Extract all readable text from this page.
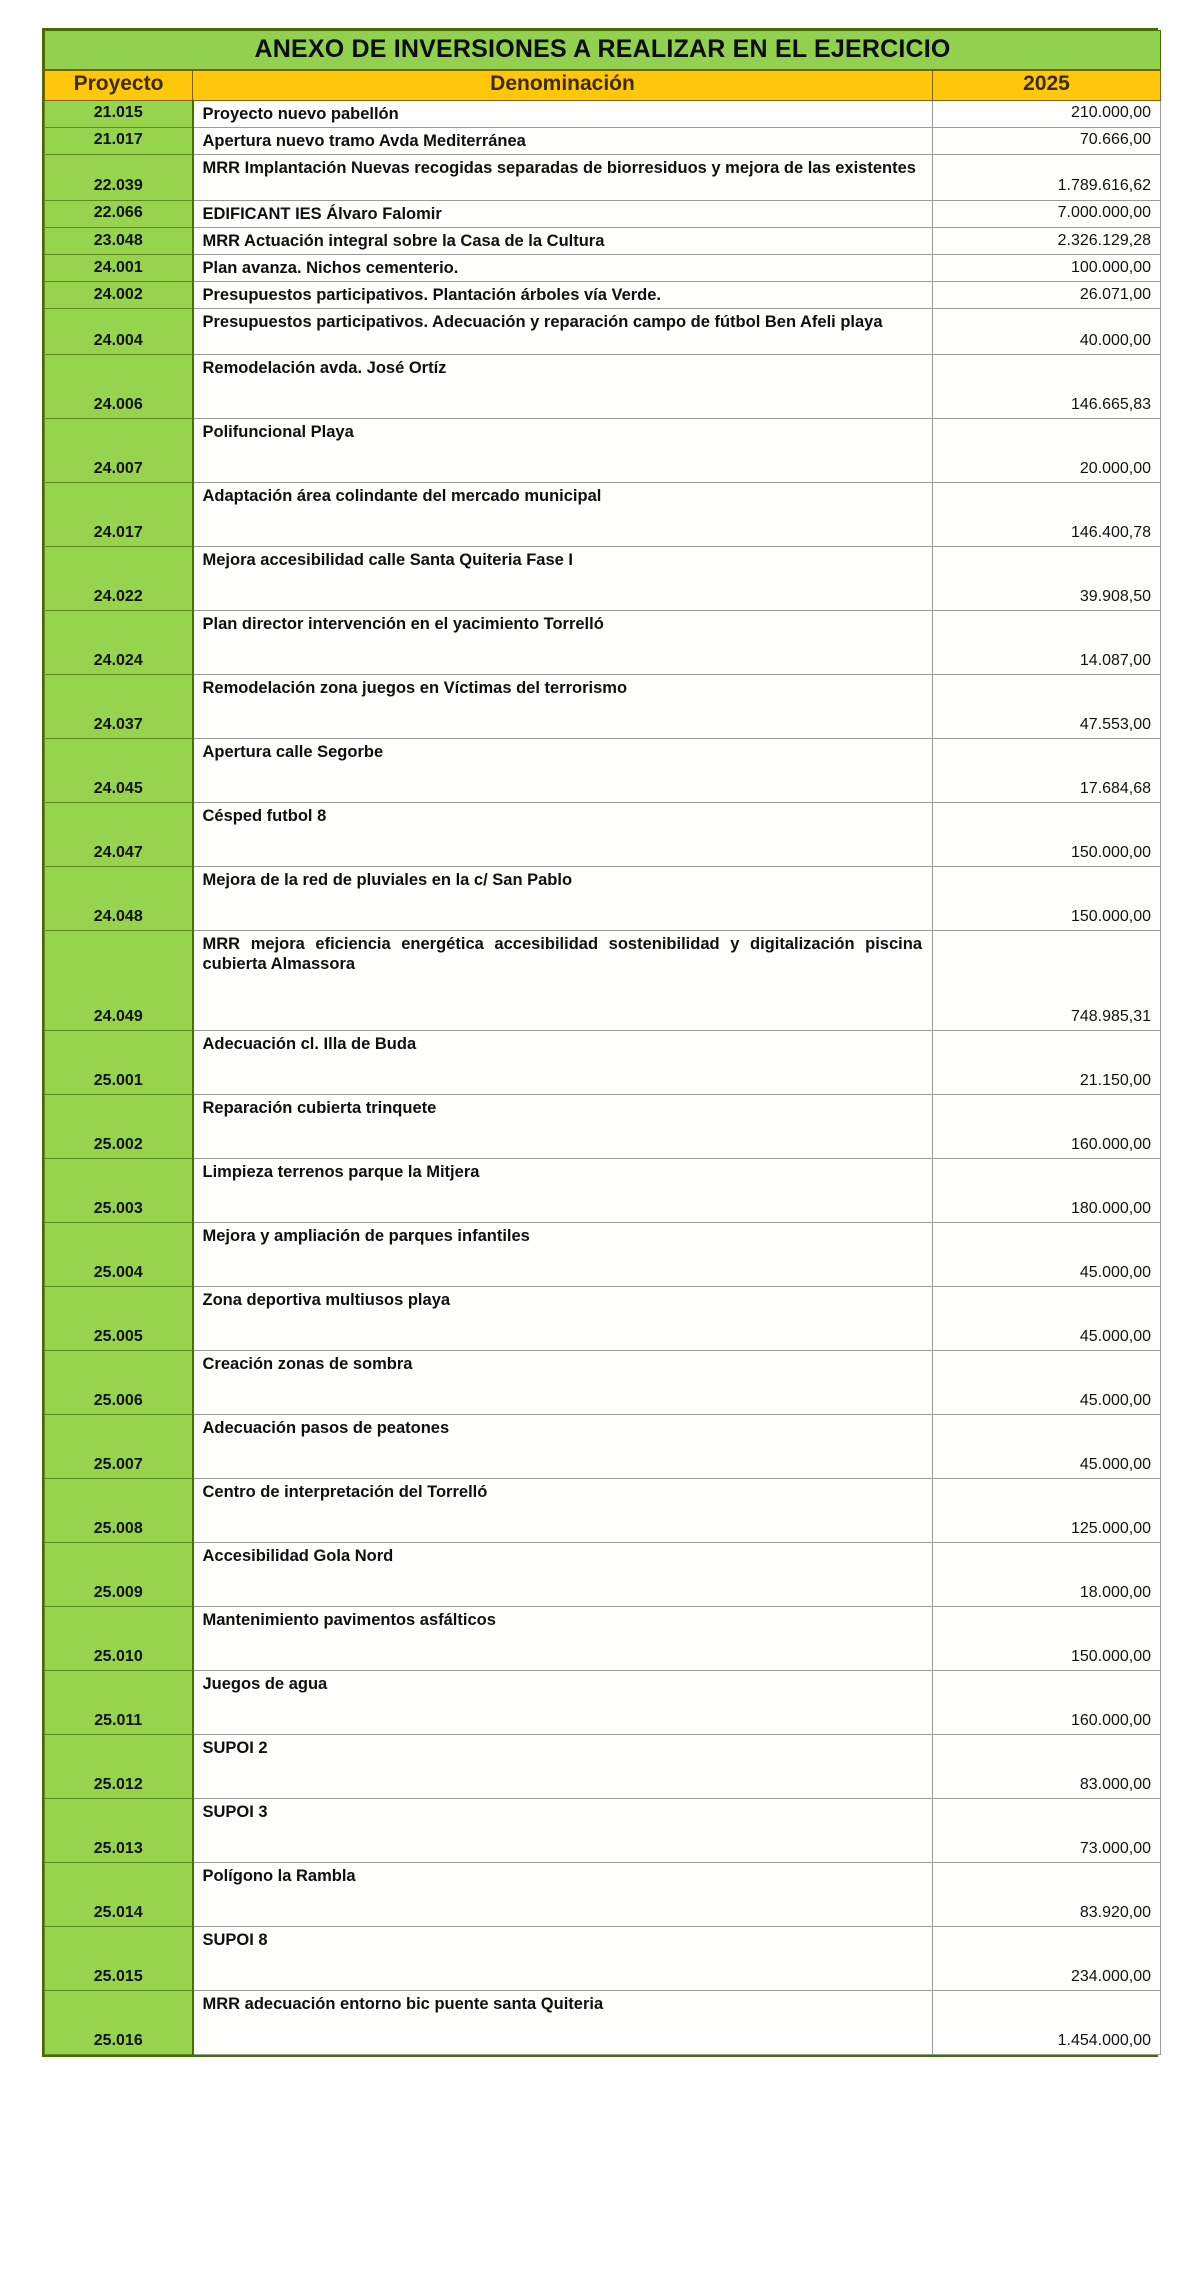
ANEXO DE INVERSIONES A REALIZAR EN EL EJERCICIO		
Proyecto	Denominación	2025
21.015	Proyecto nuevo pabellón	210.000,00
21.017	Apertura nuevo tramo Avda Mediterránea	70.666,00
22.039	MRR Implantación Nuevas recogidas separadas de biorresiduos y mejora de las existentes	1.789.616,62
22.066	EDIFICANT IES Álvaro Falomir	7.000.000,00
23.048	MRR Actuación integral sobre la Casa de la Cultura	2.326.129,28
24.001	Plan avanza. Nichos cementerio.	100.000,00
24.002	Presupuestos participativos. Plantación árboles vía Verde.	26.071,00
24.004	Presupuestos participativos. Adecuación y reparación campo de fútbol Ben Afeli playa	40.000,00
24.006	Remodelación avda. José Ortíz	146.665,83
24.007	Polifuncional Playa	20.000,00
24.017	Adaptación área colindante del mercado municipal	146.400,78
24.022	Mejora accesibilidad calle Santa Quiteria Fase I	39.908,50
24.024	Plan director intervención en el yacimiento Torrelló	14.087,00
24.037	Remodelación zona juegos en Víctimas del terrorismo	47.553,00
24.045	Apertura calle Segorbe	17.684,68
24.047	Césped futbol 8	150.000,00
24.048	Mejora de la red de pluviales en la c/ San Pablo	150.000,00
24.049	MRR mejora eficiencia energética accesibilidad sostenibilidad y digitalización piscina cubierta Almassora	748.985,31
25.001	Adecuación cl. Illa de Buda	21.150,00
25.002	Reparación cubierta trinquete	160.000,00
25.003	Limpieza terrenos parque la Mitjera	180.000,00
25.004	Mejora y ampliación de parques infantiles	45.000,00
25.005	Zona deportiva multiusos playa	45.000,00
25.006	Creación zonas de sombra	45.000,00
25.007	Adecuación pasos de peatones	45.000,00
25.008	Centro de interpretación del Torrelló	125.000,00
25.009	Accesibilidad Gola Nord	18.000,00
25.010	Mantenimiento pavimentos asfálticos	150.000,00
25.011	Juegos de agua	160.000,00
25.012	SUPOI 2	83.000,00
25.013	SUPOI 3	73.000,00
25.014	Polígono la Rambla	83.920,00
25.015	SUPOI 8	234.000,00
25.016	MRR adecuación entorno bic puente santa Quiteria	1.454.000,00
